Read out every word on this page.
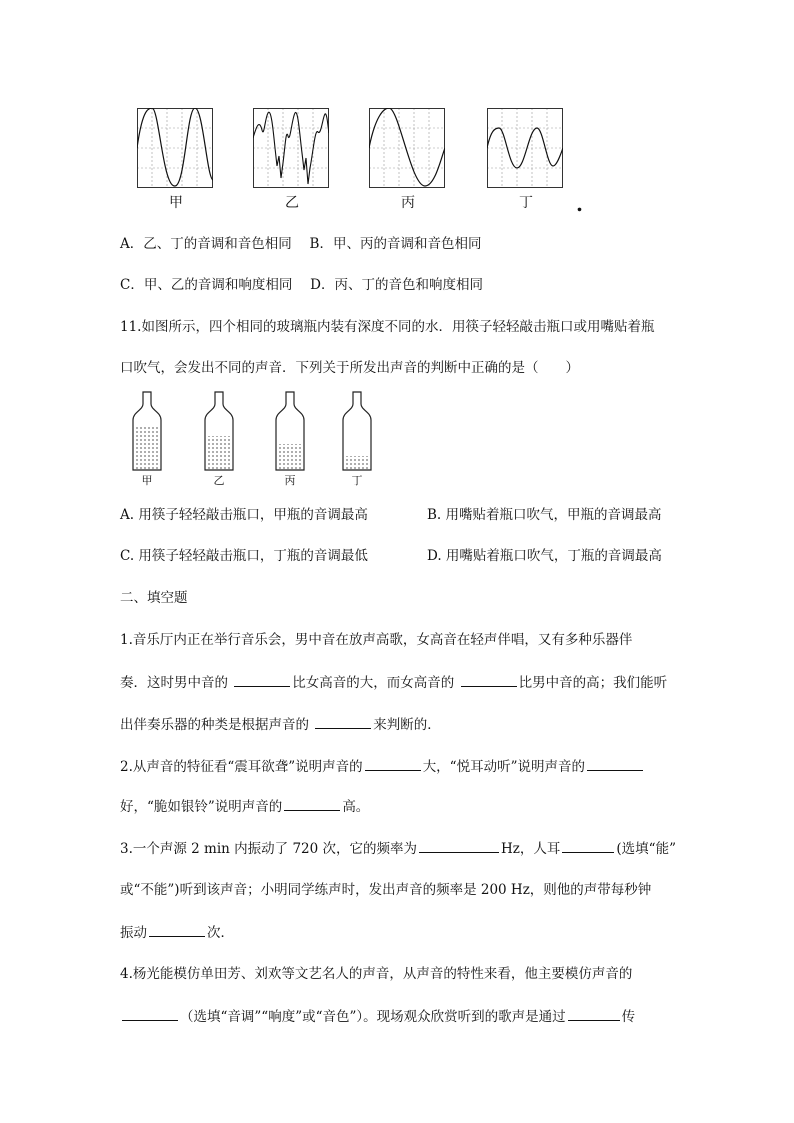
甲	乙	丙	丁 .
A．乙、丁的音调和音色相同　 B．甲、丙的音调和音色相同
C．甲、乙的音调和响度相同　 D．丙、丁的音色和响度相同
11.如图所示，四个相同的玻璃瓶内装有深度不同的水．用筷子轻轻敲击瓶口或用嘴贴着瓶
口吹气，会发出不同的声音．下列关于所发出声音的判断中正确的是（　　）
甲	乙	丙	丁
A. 用筷子轻轻敲击瓶口，甲瓶的音调最高	B. 用嘴贴着瓶口吹气，甲瓶的音调最高
C. 用筷子轻轻敲击瓶口，丁瓶的音调最低	D. 用嘴贴着瓶口吹气，丁瓶的音调最高
二、填空题
1.音乐厅内正在举行音乐会，男中音在放声高歌，女高音在轻声伴唱，又有多种乐器伴
奏．这时男中音的	比女高音的大，而女高音的	比男中音的高；我们能听
出伴奏乐器的种类是根据声音的	来判断的．
2.从声音的特征看“震耳欲聋”说明声音的	大，“悦耳动听”说明声音的
好，“脆如银铃”说明声音的	高。
3.一个声源 2 min 内振动了 720 次，它的频率为	Hz，人耳	(选填“能”
或“不能”)听到该声音；小明同学练声时，发出声音的频率是 200 Hz，则他的声带每秒钟
振动	次．
4.杨光能模仿单田芳、刘欢等文艺名人的声音，从声音的特性来看，他主要模仿声音的
（选填“音调”“响度”或“音色”）。现场观众欣赏听到的歌声是通过	传
